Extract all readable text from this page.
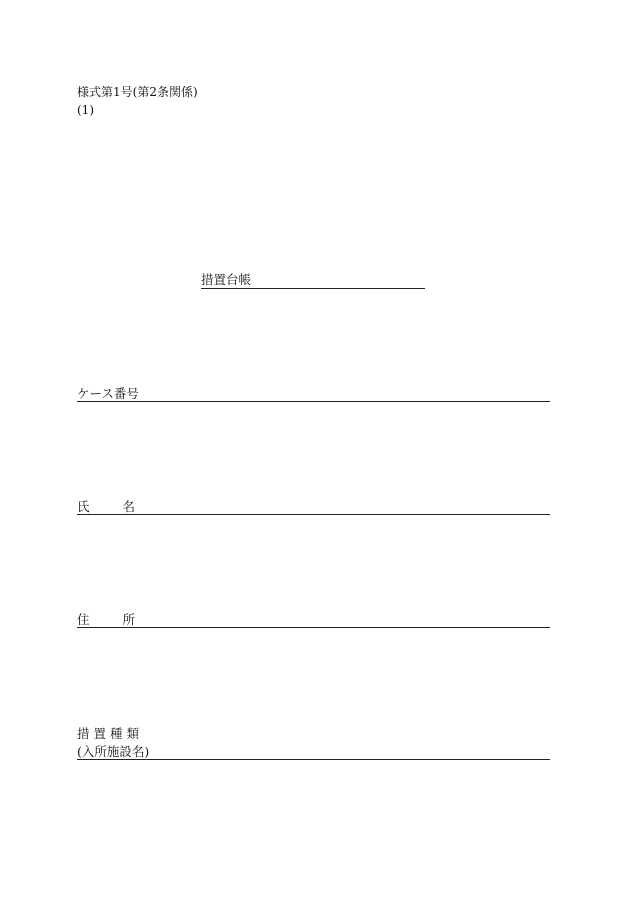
様式第1号(第2条関係)
(1)
措置台帳
ケース番号
氏 名
住 所
措置種類
(入所施設名)
